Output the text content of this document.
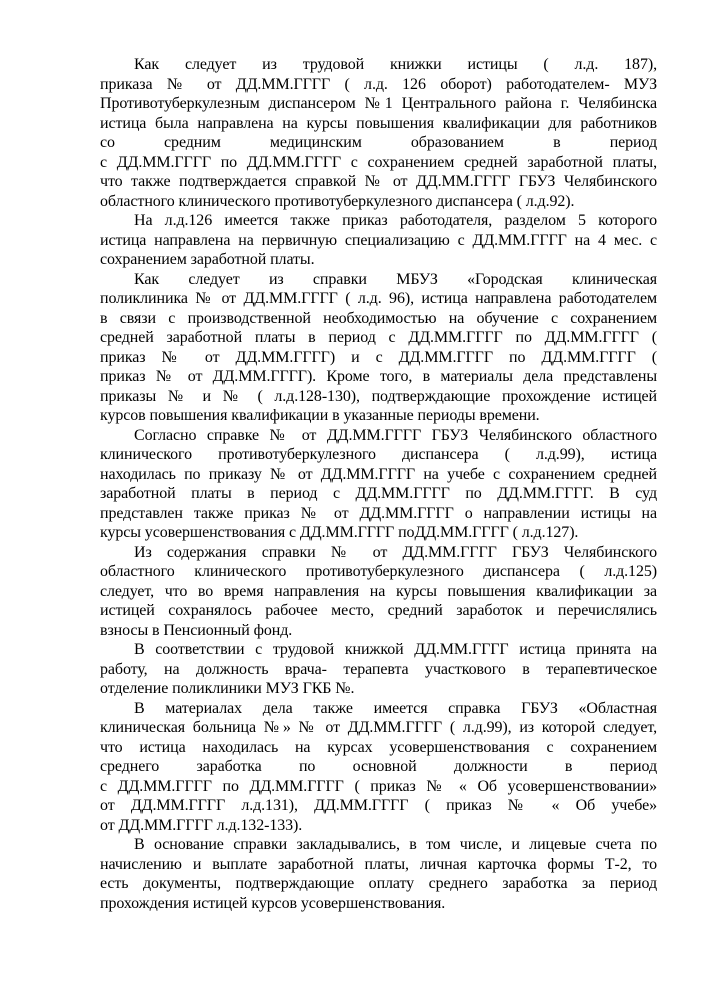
Как следует из трудовой книжки истицы ( л.д. 187),
приказа № от ДД.ММ.ГГГГ ( л.д. 126 оборот) работодателем- МУЗ
Противотуберкулезным диспансером №1 Центрального района г. Челябинска
истица была направлена на курсы повышения квалификации для работников
со средним медицинским образованием в период
с ДД.ММ.ГГГГ по ДД.ММ.ГГГГ с сохранением средней заработной платы,
что также подтверждается справкой № от ДД.ММ.ГГГГ ГБУЗ Челябинского
областного клинического противотуберкулезного диспансера ( л.д.92).
На л.д.126 имеется также приказ работодателя, разделом 5 которого
истица направлена на первичную специализацию с ДД.ММ.ГГГГ на 4 мес. с
сохранением заработной платы.
Как следует из справки МБУЗ «Городская клиническая
поликлиника № от ДД.ММ.ГГГГ ( л.д. 96), истица направлена работодателем
в связи с производственной необходимостью на обучение с сохранением
средней заработной платы в период с ДД.ММ.ГГГГ по ДД.ММ.ГГГГ (
приказ № от ДД.ММ.ГГГГ) и с ДД.ММ.ГГГГ по ДД.ММ.ГГГГ (
приказ № от ДД.ММ.ГГГГ). Кроме того, в материалы дела представлены
приказы № и № ( л.д.128-130), подтверждающие прохождение истицей
курсов повышения квалификации в указанные периоды времени.
Согласно справке № от ДД.ММ.ГГГГ ГБУЗ Челябинского областного
клинического противотуберкулезного диспансера ( л.д.99), истица
находилась по приказу № от ДД.ММ.ГГГГ на учебе с сохранением средней
заработной платы в период с ДД.ММ.ГГГГ по ДД.ММ.ГГГГ. В суд
представлен также приказ № от ДД.ММ.ГГГГ о направлении истицы на
курсы усовершенствования с ДД.ММ.ГГГГ поДД.ММ.ГГГГ ( л.д.127).
Из содержания справки № от ДД.ММ.ГГГГ ГБУЗ Челябинского
областного клинического противотуберкулезного диспансера ( л.д.125)
следует, что во время направления на курсы повышения квалификации за
истицей сохранялось рабочее место, средний заработок и перечислялись
взносы в Пенсионный фонд.
В соответствии с трудовой книжкой ДД.ММ.ГГГГ истица принята на
работу, на должность врача- терапевта участкового в терапевтическое
отделение поликлиники МУЗ ГКБ №.
В материалах дела также имеется справка ГБУЗ «Областная
клиническая больница №» № от ДД.ММ.ГГГГ ( л.д.99), из которой следует,
что истица находилась на курсах усовершенствования с сохранением
среднего заработка по основной должности в период
с ДД.ММ.ГГГГ по ДД.ММ.ГГГГ ( приказ № « Об усовершенствовании»
от ДД.ММ.ГГГГ л.д.131), ДД.ММ.ГГГГ ( приказ № « Об учебе»
от ДД.ММ.ГГГГ л.д.132-133).
В основание справки закладывались, в том числе, и лицевые счета по
начислению и выплате заработной платы, личная карточка формы Т-2, то
есть документы, подтверждающие оплату среднего заработка за период
прохождения истицей курсов усовершенствования.
